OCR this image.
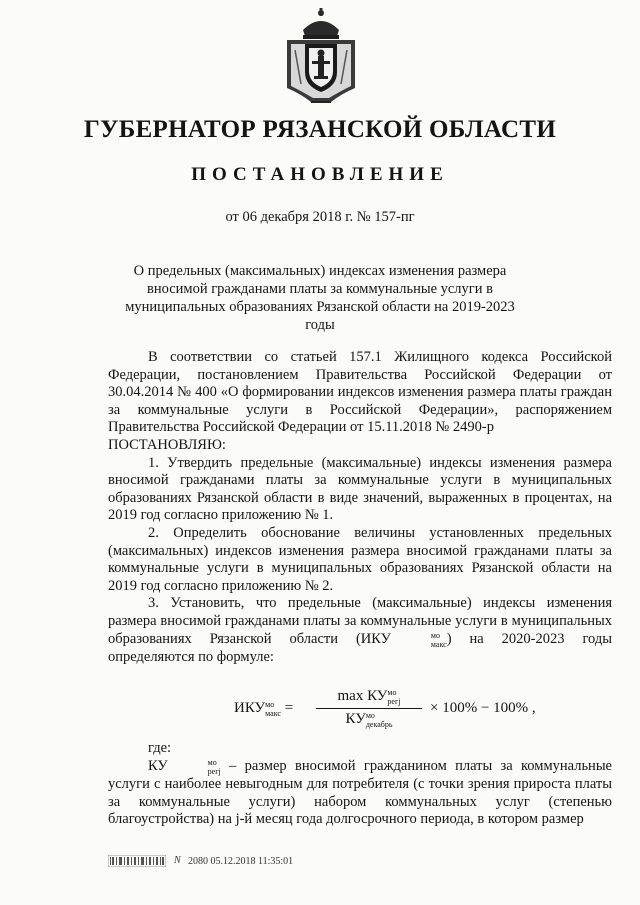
ГУБЕРНАТОР РЯЗАНСКОЙ ОБЛАСТИ
ПОСТАНОВЛЕНИЕ
от 06 декабря 2018 г. № 157-пг
О предельных (максимальных) индексах изменения размера
вносимой гражданами платы за коммунальные услуги в
муниципальных образованиях Рязанской области на 2019-2023 годы

В соответствии со статьей 157.1 Жилищного кодекса Российской Федерации, постановлением Правительства Российской Федерации от 30.04.2014 № 400 «О формировании индексов изменения размера платы граждан за коммунальные услуги в Российской Федерации», распоряжением Правительства Российской Федерации от 15.11.2018 № 2490-р

ПОСТАНОВЛЯЮ:

1. Утвердить предельные (максимальные) индексы изменения размера вносимой гражданами платы за коммунальные услуги в муниципальных образованиях Рязанской области в виде значений, выраженных в процентах, на 2019 год согласно приложению № 1.

2. Определить обоснование величины установленных предельных (максимальных) индексов изменения размера вносимой гражданами платы за коммунальные услуги в муниципальных образованиях Рязанской области на 2019 год согласно приложению № 2.

3. Установить, что предельные (максимальные) индексы изменения размера вносимой гражданами платы за коммунальные услуги в муниципальных образованиях Рязанской области (ИКУ	мо
макс ) на 2020-2023 годы определяются по формуле:

ИКУ мо
макс =
max КУ мо
регj
КУ мо
декабрь
× 100% − 100% ,
где:

КУ	мо
регj – размер вносимой гражданином платы за коммунальные услуги с наиболее невыгодным для потребителя (с точки зрения прироста платы за коммунальные услуги) набором коммунальных услуг (степенью благоустройства) на j-й месяц года долгосрочного периода, в котором размер

N 2080 05.12.2018 11:35:01
